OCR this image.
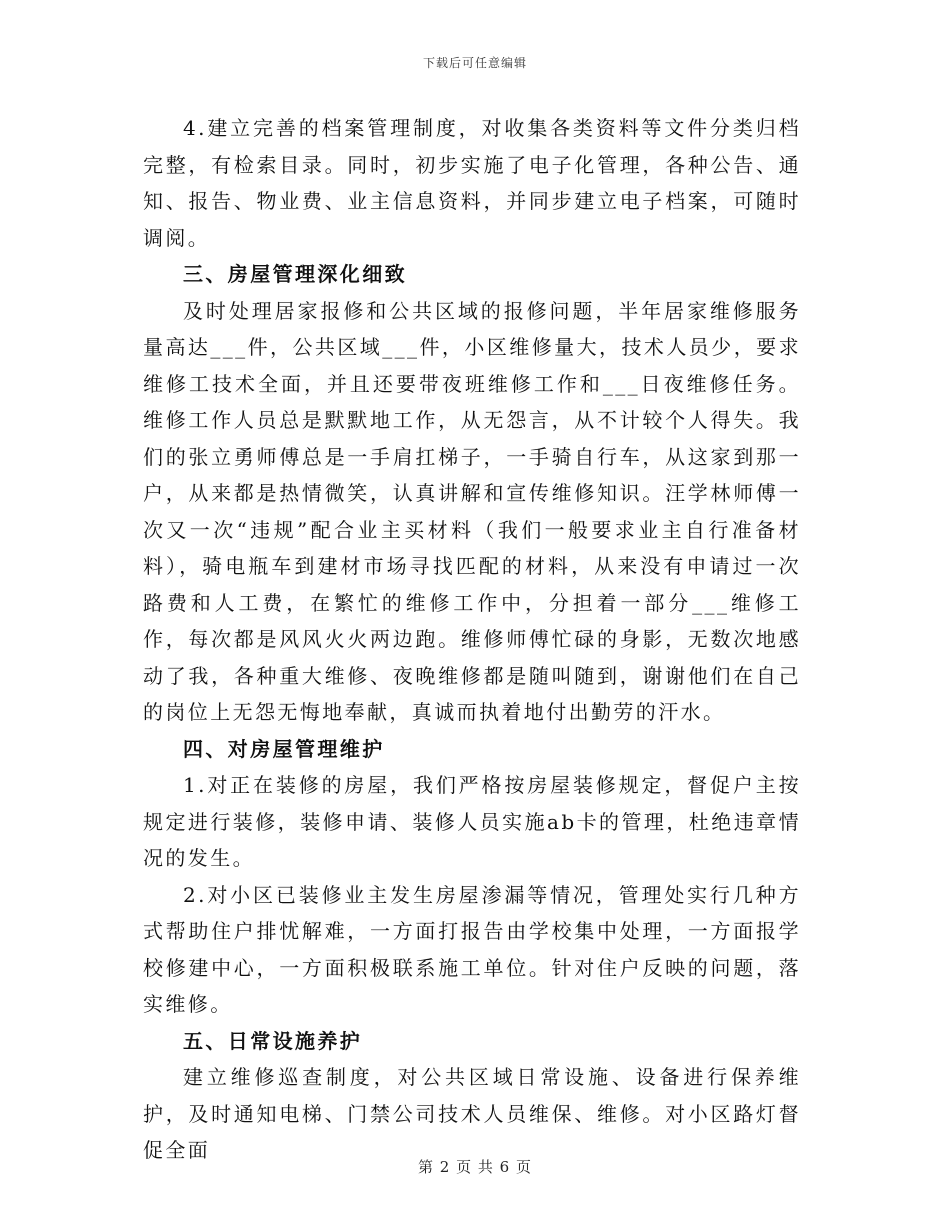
下载后可任意编辑

4.建立完善的档案管理制度，对收集各类资料等文件分类归档完整，有检索目录。同时，初步实施了电子化管理，各种公告、通知、报告、物业费、业主信息资料，并同步建立电子档案，可随时调阅。

三、房屋管理深化细致

及时处理居家报修和公共区域的报修问题，半年居家维修服务量高达___件，公共区域___件，小区维修量大，技术人员少，要求维修工技术全面，并且还要带夜班维修工作和___日夜维修任务。维修工作人员总是默默地工作，从无怨言，从不计较个人得失。我们的张立勇师傅总是一手肩扛梯子，一手骑自行车，从这家到那一户，从来都是热情微笑，认真讲解和宣传维修知识。汪学林师傅一次又一次“违规”配合业主买材料（我们一般要求业主自行准备材料），骑电瓶车到建材市场寻找匹配的材料，从来没有申请过一次路费和人工费，在繁忙的维修工作中，分担着一部分___维修工作，每次都是风风火火两边跑。维修师傅忙碌的身影，无数次地感动了我，各种重大维修、夜晚维修都是随叫随到，谢谢他们在自己的岗位上无怨无悔地奉献，真诚而执着地付出勤劳的汗水。

四、对房屋管理维护

1.对正在装修的房屋，我们严格按房屋装修规定，督促户主按规定进行装修，装修申请、装修人员实施ab卡的管理，杜绝违章情况的发生。

2.对小区已装修业主发生房屋渗漏等情况，管理处实行几种方式帮助住户排忧解难，一方面打报告由学校集中处理，一方面报学校修建中心，一方面积极联系施工单位。针对住户反映的问题，落实维修。

五、日常设施养护

建立维修巡查制度，对公共区域日常设施、设备进行保养维护，及时通知电梯、门禁公司技术人员维保、维修。对小区路灯督促全面

第 2 页 共 6 页
